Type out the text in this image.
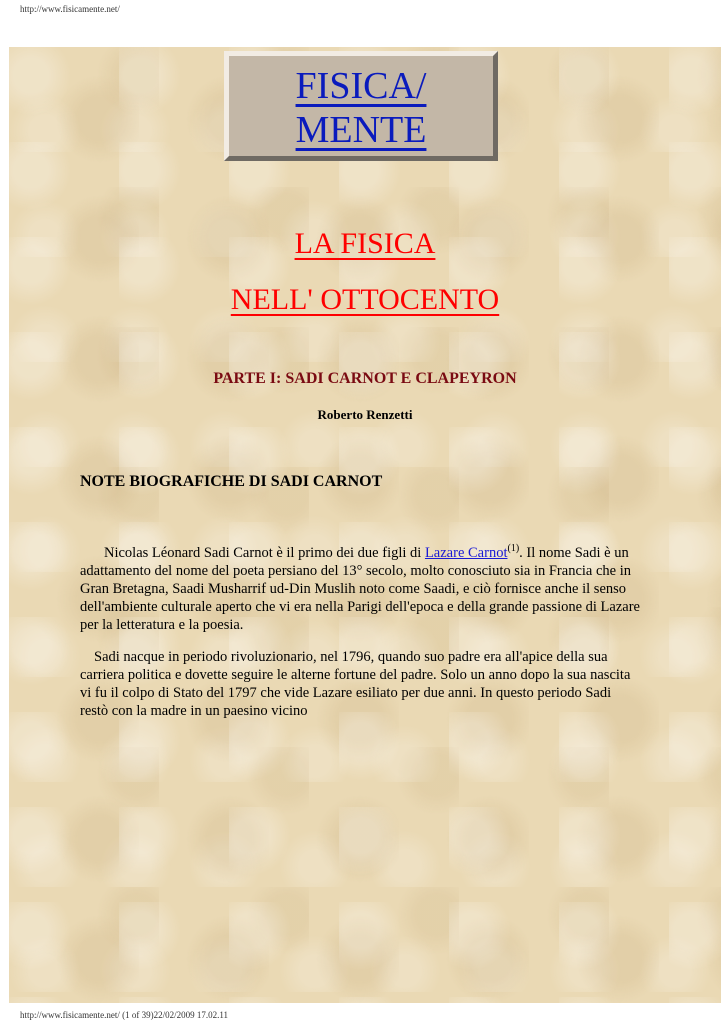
http://www.fisicamente.net/
FISICA/
MENTE
LA FISICA
NELL' OTTOCENTO
PARTE I: SADI CARNOT E CLAPEYRON
Roberto Renzetti
NOTE BIOGRAFICHE DI SADI CARNOT
Nicolas Léonard Sadi Carnot è il primo dei due figli di Lazare Carnot$^{(1)}$. Il nome Sadi è un adattamento del nome del poeta persiano del 13° secolo, molto conosciuto sia in Francia che in Gran Bretagna, Saadi Musharrif ud-Din Muslih noto come Saadi, e ciò fornisce anche il senso dell'ambiente culturale aperto che vi era nella Parigi dell'epoca e della grande passione di Lazare per la letteratura e la poesia.
Sadi nacque in periodo rivoluzionario, nel 1796, quando suo padre era all'apice della sua carriera politica e dovette seguire le alterne fortune del padre. Solo un anno dopo la sua nascita vi fu il colpo di Stato del 1797 che vide Lazare esiliato per due anni. In questo periodo Sadi restò con la madre in un paesino vicino
http://www.fisicamente.net/ (1 of 39)22/02/2009 17.02.11
